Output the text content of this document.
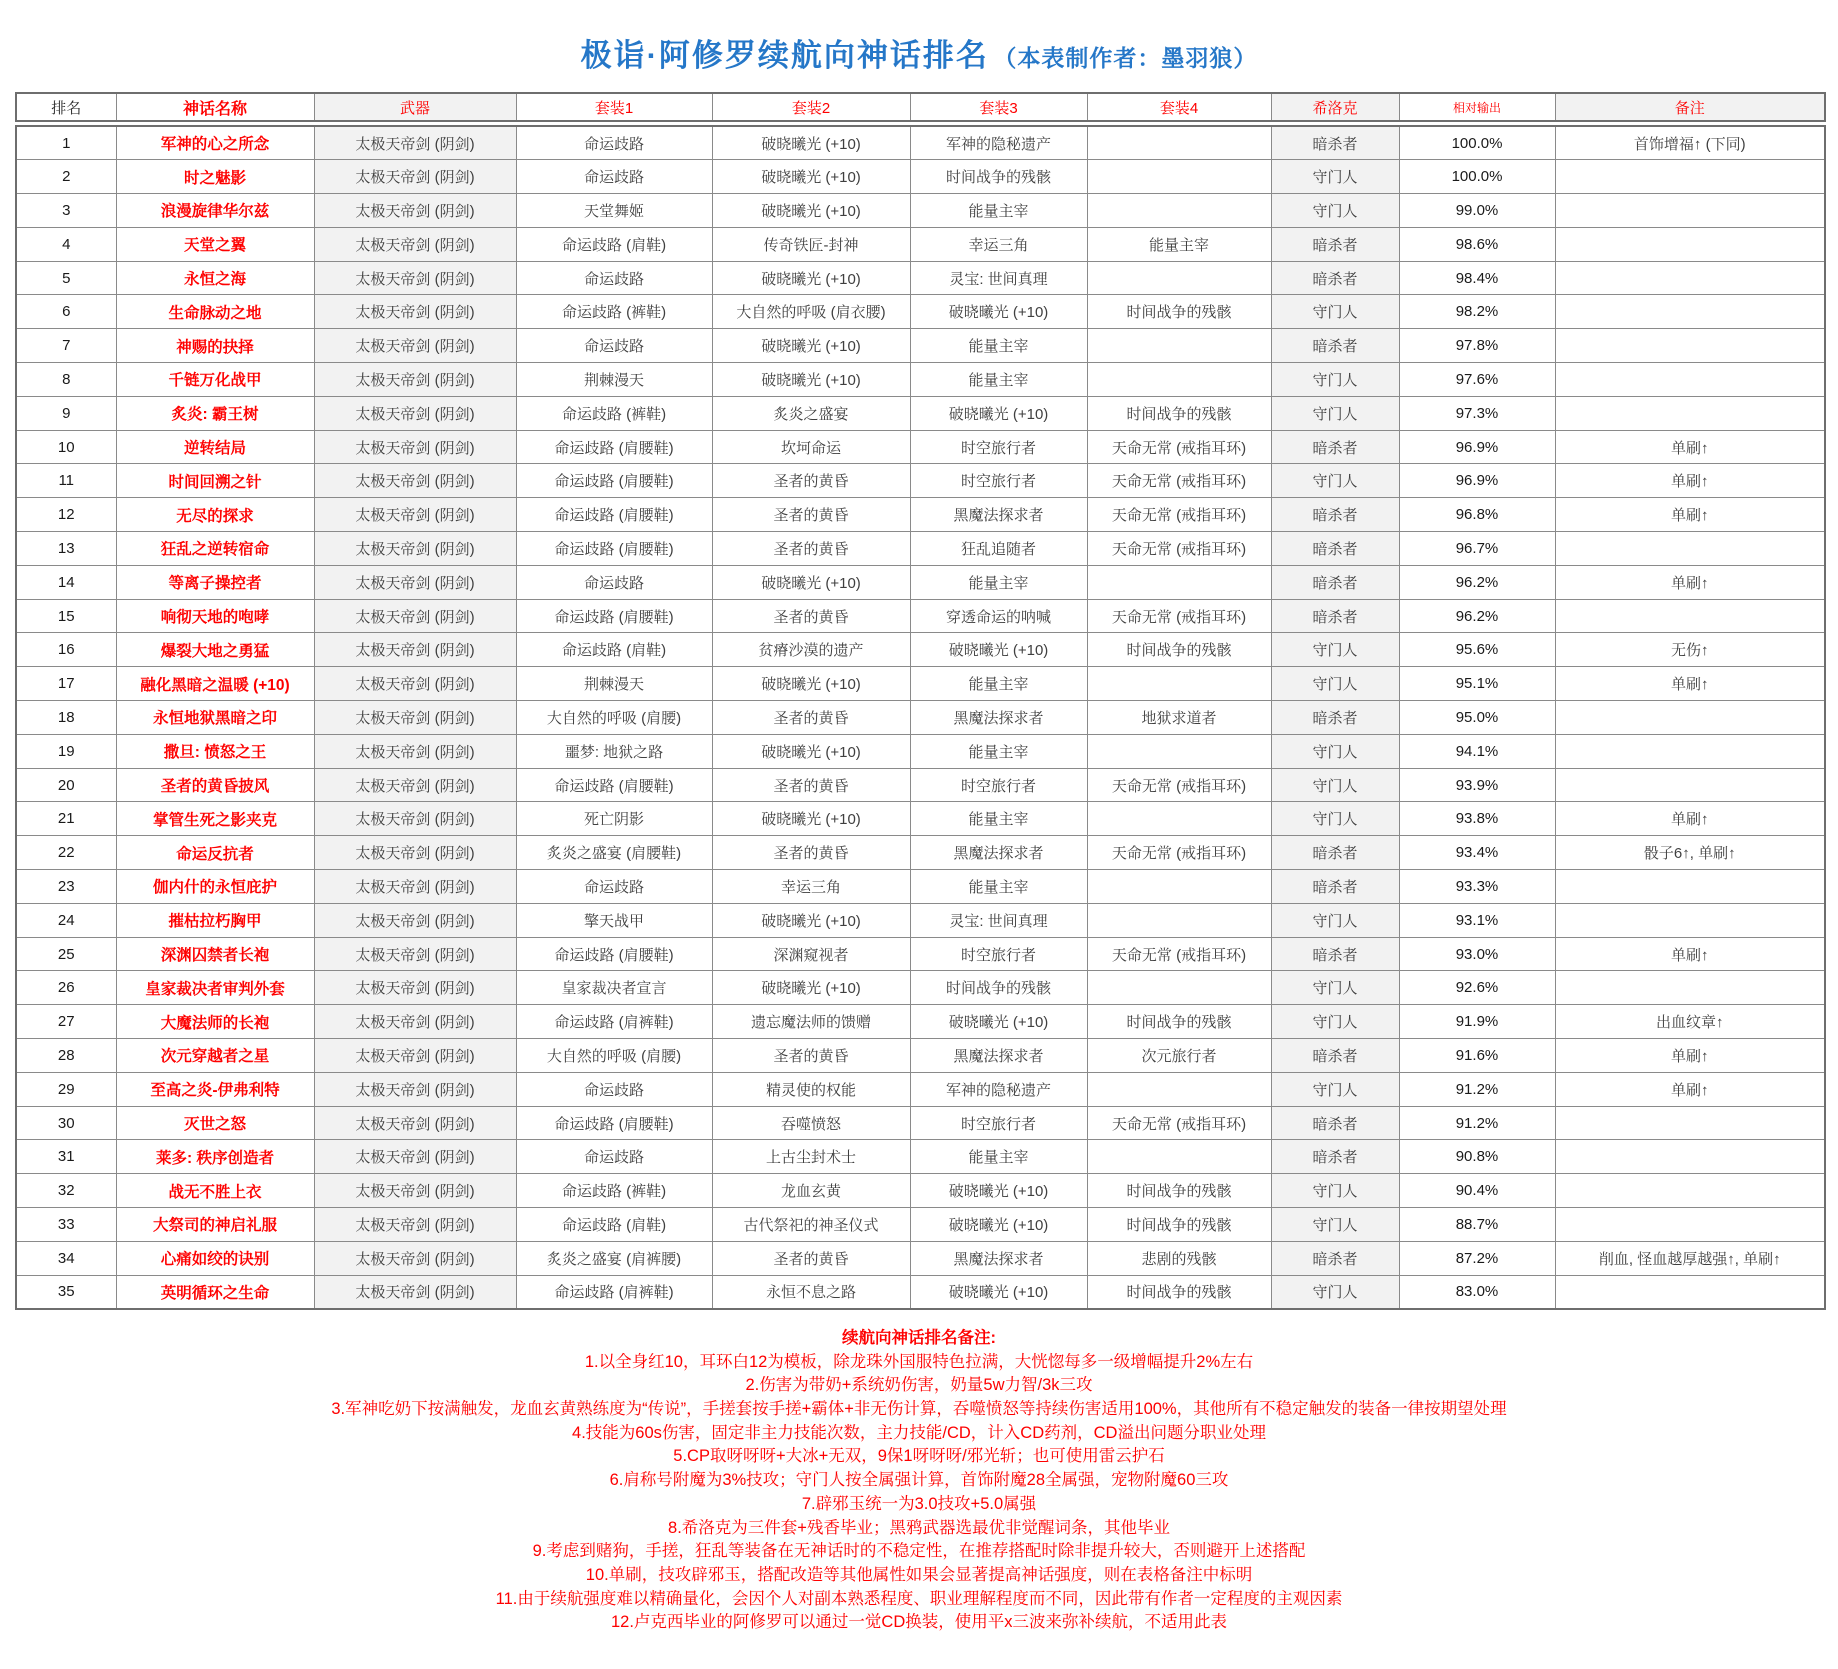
极诣·阿修罗续航向神话排名 （本表制作者：墨羽狼）
排名	神话名称	武器	套装1	套装2	套装3	套装4	希洛克	相对输出	备注
1	军神的心之所念	太极天帝剑 (阴剑)	命运歧路	破晓曦光 (+10)	军神的隐秘遗产		暗杀者	100.0%	首饰增福↑ (下同)
2	时之魅影	太极天帝剑 (阴剑)	命运歧路	破晓曦光 (+10)	时间战争的残骸		守门人	100.0%	
3	浪漫旋律华尔兹	太极天帝剑 (阴剑)	天堂舞姬	破晓曦光 (+10)	能量主宰		守门人	99.0%	
4	天堂之翼	太极天帝剑 (阴剑)	命运歧路 (肩鞋)	传奇铁匠-封神	幸运三角	能量主宰	暗杀者	98.6%	
5	永恒之海	太极天帝剑 (阴剑)	命运歧路	破晓曦光 (+10)	灵宝: 世间真理		暗杀者	98.4%	
6	生命脉动之地	太极天帝剑 (阴剑)	命运歧路 (裤鞋)	大自然的呼吸 (肩衣腰)	破晓曦光 (+10)	时间战争的残骸	守门人	98.2%	
7	神赐的抉择	太极天帝剑 (阴剑)	命运歧路	破晓曦光 (+10)	能量主宰		暗杀者	97.8%	
8	千链万化战甲	太极天帝剑 (阴剑)	荆棘漫天	破晓曦光 (+10)	能量主宰		守门人	97.6%	
9	炙炎: 霸王树	太极天帝剑 (阴剑)	命运歧路 (裤鞋)	炙炎之盛宴	破晓曦光 (+10)	时间战争的残骸	守门人	97.3%	
10	逆转结局	太极天帝剑 (阴剑)	命运歧路 (肩腰鞋)	坎坷命运	时空旅行者	天命无常 (戒指耳环)	暗杀者	96.9%	单刷↑
11	时间回溯之针	太极天帝剑 (阴剑)	命运歧路 (肩腰鞋)	圣者的黄昏	时空旅行者	天命无常 (戒指耳环)	守门人	96.9%	单刷↑
12	无尽的探求	太极天帝剑 (阴剑)	命运歧路 (肩腰鞋)	圣者的黄昏	黑魔法探求者	天命无常 (戒指耳环)	暗杀者	96.8%	单刷↑
13	狂乱之逆转宿命	太极天帝剑 (阴剑)	命运歧路 (肩腰鞋)	圣者的黄昏	狂乱追随者	天命无常 (戒指耳环)	暗杀者	96.7%	
14	等离子操控者	太极天帝剑 (阴剑)	命运歧路	破晓曦光 (+10)	能量主宰		暗杀者	96.2%	单刷↑
15	响彻天地的咆哮	太极天帝剑 (阴剑)	命运歧路 (肩腰鞋)	圣者的黄昏	穿透命运的呐喊	天命无常 (戒指耳环)	暗杀者	96.2%	
16	爆裂大地之勇猛	太极天帝剑 (阴剑)	命运歧路 (肩鞋)	贫瘠沙漠的遗产	破晓曦光 (+10)	时间战争的残骸	守门人	95.6%	无伤↑
17	融化黑暗之温暖 (+10)	太极天帝剑 (阴剑)	荆棘漫天	破晓曦光 (+10)	能量主宰		守门人	95.1%	单刷↑
18	永恒地狱黑暗之印	太极天帝剑 (阴剑)	大自然的呼吸 (肩腰)	圣者的黄昏	黑魔法探求者	地狱求道者	暗杀者	95.0%	
19	撒旦: 愤怒之王	太极天帝剑 (阴剑)	噩梦: 地狱之路	破晓曦光 (+10)	能量主宰		守门人	94.1%	
20	圣者的黄昏披风	太极天帝剑 (阴剑)	命运歧路 (肩腰鞋)	圣者的黄昏	时空旅行者	天命无常 (戒指耳环)	守门人	93.9%	
21	掌管生死之影夹克	太极天帝剑 (阴剑)	死亡阴影	破晓曦光 (+10)	能量主宰		守门人	93.8%	单刷↑
22	命运反抗者	太极天帝剑 (阴剑)	炙炎之盛宴 (肩腰鞋)	圣者的黄昏	黑魔法探求者	天命无常 (戒指耳环)	暗杀者	93.4%	骰子6↑, 单刷↑
23	伽内什的永恒庇护	太极天帝剑 (阴剑)	命运歧路	幸运三角	能量主宰		暗杀者	93.3%	
24	摧枯拉朽胸甲	太极天帝剑 (阴剑)	擎天战甲	破晓曦光 (+10)	灵宝: 世间真理		守门人	93.1%	
25	深渊囚禁者长袍	太极天帝剑 (阴剑)	命运歧路 (肩腰鞋)	深渊窥视者	时空旅行者	天命无常 (戒指耳环)	暗杀者	93.0%	单刷↑
26	皇家裁决者审判外套	太极天帝剑 (阴剑)	皇家裁决者宣言	破晓曦光 (+10)	时间战争的残骸		守门人	92.6%	
27	大魔法师的长袍	太极天帝剑 (阴剑)	命运歧路 (肩裤鞋)	遗忘魔法师的馈赠	破晓曦光 (+10)	时间战争的残骸	守门人	91.9%	出血纹章↑
28	次元穿越者之星	太极天帝剑 (阴剑)	大自然的呼吸 (肩腰)	圣者的黄昏	黑魔法探求者	次元旅行者	暗杀者	91.6%	单刷↑
29	至高之炎-伊弗利特	太极天帝剑 (阴剑)	命运歧路	精灵使的权能	军神的隐秘遗产		守门人	91.2%	单刷↑
30	灭世之怒	太极天帝剑 (阴剑)	命运歧路 (肩腰鞋)	吞噬愤怒	时空旅行者	天命无常 (戒指耳环)	暗杀者	91.2%	
31	莱多: 秩序创造者	太极天帝剑 (阴剑)	命运歧路	上古尘封术士	能量主宰		暗杀者	90.8%	
32	战无不胜上衣	太极天帝剑 (阴剑)	命运歧路 (裤鞋)	龙血玄黄	破晓曦光 (+10)	时间战争的残骸	守门人	90.4%	
33	大祭司的神启礼服	太极天帝剑 (阴剑)	命运歧路 (肩鞋)	古代祭祀的神圣仪式	破晓曦光 (+10)	时间战争的残骸	守门人	88.7%	
34	心痛如绞的诀别	太极天帝剑 (阴剑)	炙炎之盛宴 (肩裤腰)	圣者的黄昏	黑魔法探求者	悲剧的残骸	暗杀者	87.2%	削血, 怪血越厚越强↑, 单刷↑
35	英明循环之生命	太极天帝剑 (阴剑)	命运歧路 (肩裤鞋)	永恒不息之路	破晓曦光 (+10)	时间战争的残骸	守门人	83.0%	
续航向神话排名备注:
1.以全身红10，耳环白12为模板，除龙珠外国服特色拉满，大恍惚每多一级增幅提升2%左右
2.伤害为带奶+系统奶伤害，奶量5w力智/3k三攻
3.军神吃奶下按满触发，龙血玄黄熟练度为“传说”，手搓套按手搓+霸体+非无伤计算，吞噬愤怒等持续伤害适用100%，其他所有不稳定触发的装备一律按期望处理
4.技能为60s伤害，固定非主力技能次数，主力技能/CD，计入CD药剂，CD溢出问题分职业处理
5.CP取呀呀呀+大冰+无双，9保1呀呀呀/邪光斩；也可使用雷云护石
6.肩称号附魔为3%技攻；守门人按全属强计算，首饰附魔28全属强，宠物附魔60三攻
7.辟邪玉统一为3.0技攻+5.0属强
8.希洛克为三件套+残香毕业；黑鸦武器选最优非觉醒词条，其他毕业
9.考虑到赌狗，手搓，狂乱等装备在无神话时的不稳定性，在推荐搭配时除非提升较大，否则避开上述搭配
10.单刷，技攻辟邪玉，搭配改造等其他属性如果会显著提高神话强度，则在表格备注中标明
11.由于续航强度难以精确量化，会因个人对副本熟悉程度、职业理解程度而不同，因此带有作者一定程度的主观因素
12.卢克西毕业的阿修罗可以通过一觉CD换装，使用平x三波来弥补续航，不适用此表
